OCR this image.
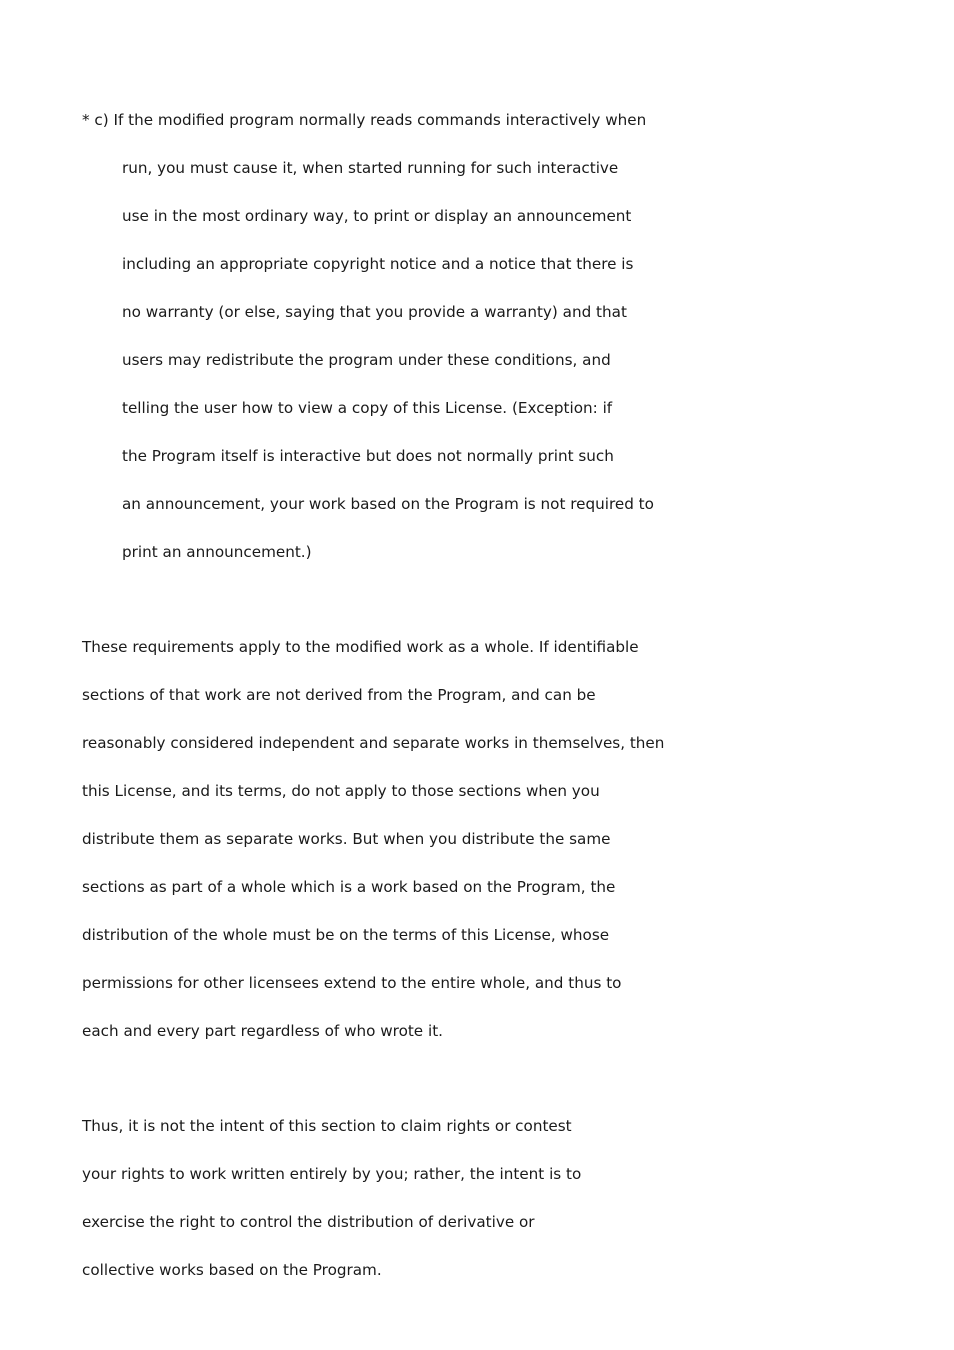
* c) If the modified program normally reads commands interactively when
run, you must cause it, when started running for such interactive
use in the most ordinary way, to print or display an announcement
including an appropriate copyright notice and a notice that there is
no warranty (or else, saying that you provide a warranty) and that
users may redistribute the program under these conditions, and
telling the user how to view a copy of this License. (Exception: if
the Program itself is interactive but does not normally print such
an announcement, your work based on the Program is not required to
print an announcement.)
These requirements apply to the modified work as a whole. If identifiable
sections of that work are not derived from the Program, and can be
reasonably considered independent and separate works in themselves, then
this License, and its terms, do not apply to those sections when you
distribute them as separate works. But when you distribute the same
sections as part of a whole which is a work based on the Program, the
distribution of the whole must be on the terms of this License, whose
permissions for other licensees extend to the entire whole, and thus to
each and every part regardless of who wrote it.
Thus, it is not the intent of this section to claim rights or contest
your rights to work written entirely by you; rather, the intent is to
exercise the right to control the distribution of derivative or
collective works based on the Program.
